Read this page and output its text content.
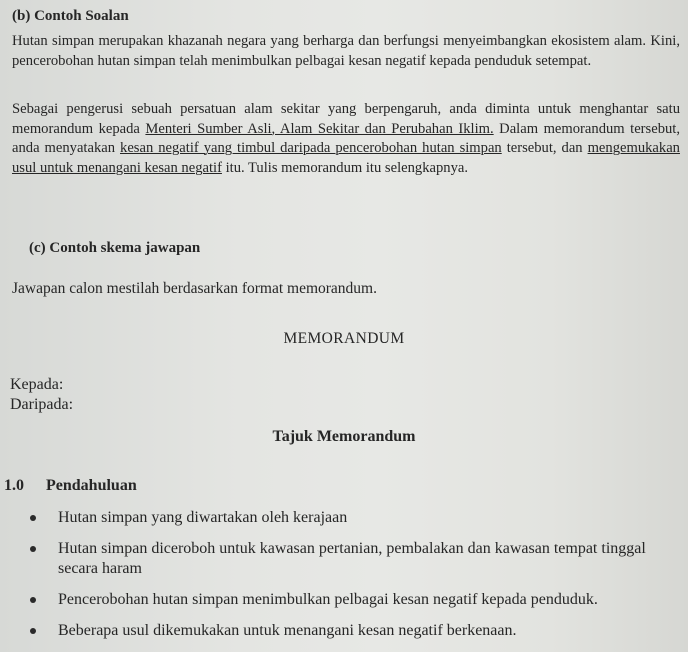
(b) Contoh Soalan
Hutan simpan merupakan khazanah negara yang berharga dan berfungsi menyeimbangkan ekosistem alam. Kini, pencerobohan hutan simpan telah menimbulkan pelbagai kesan negatif kepada penduduk setempat.
Sebagai pengerusi sebuah persatuan alam sekitar yang berpengaruh, anda diminta untuk menghantar satu memorandum kepada Menteri Sumber Asli, Alam Sekitar dan Perubahan Iklim. Dalam memorandum tersebut, anda menyatakan kesan negatif yang timbul daripada pencerobohan hutan simpan tersebut, dan mengemukakan usul untuk menangani kesan negatif itu. Tulis memorandum itu selengkapnya.
(c) Contoh skema jawapan
Jawapan calon mestilah berdasarkan format memorandum.
MEMORANDUM
Kepada:
Daripada:
Tajuk Memorandum
1.0 Pendahuluan
Hutan simpan yang diwartakan oleh kerajaan
Hutan simpan diceroboh untuk kawasan pertanian, pembalakan dan kawasan tempat tinggal secara haram
Pencerobohan hutan simpan menimbulkan pelbagai kesan negatif kepada penduduk.
Beberapa usul dikemukakan untuk menangani kesan negatif berkenaan.
